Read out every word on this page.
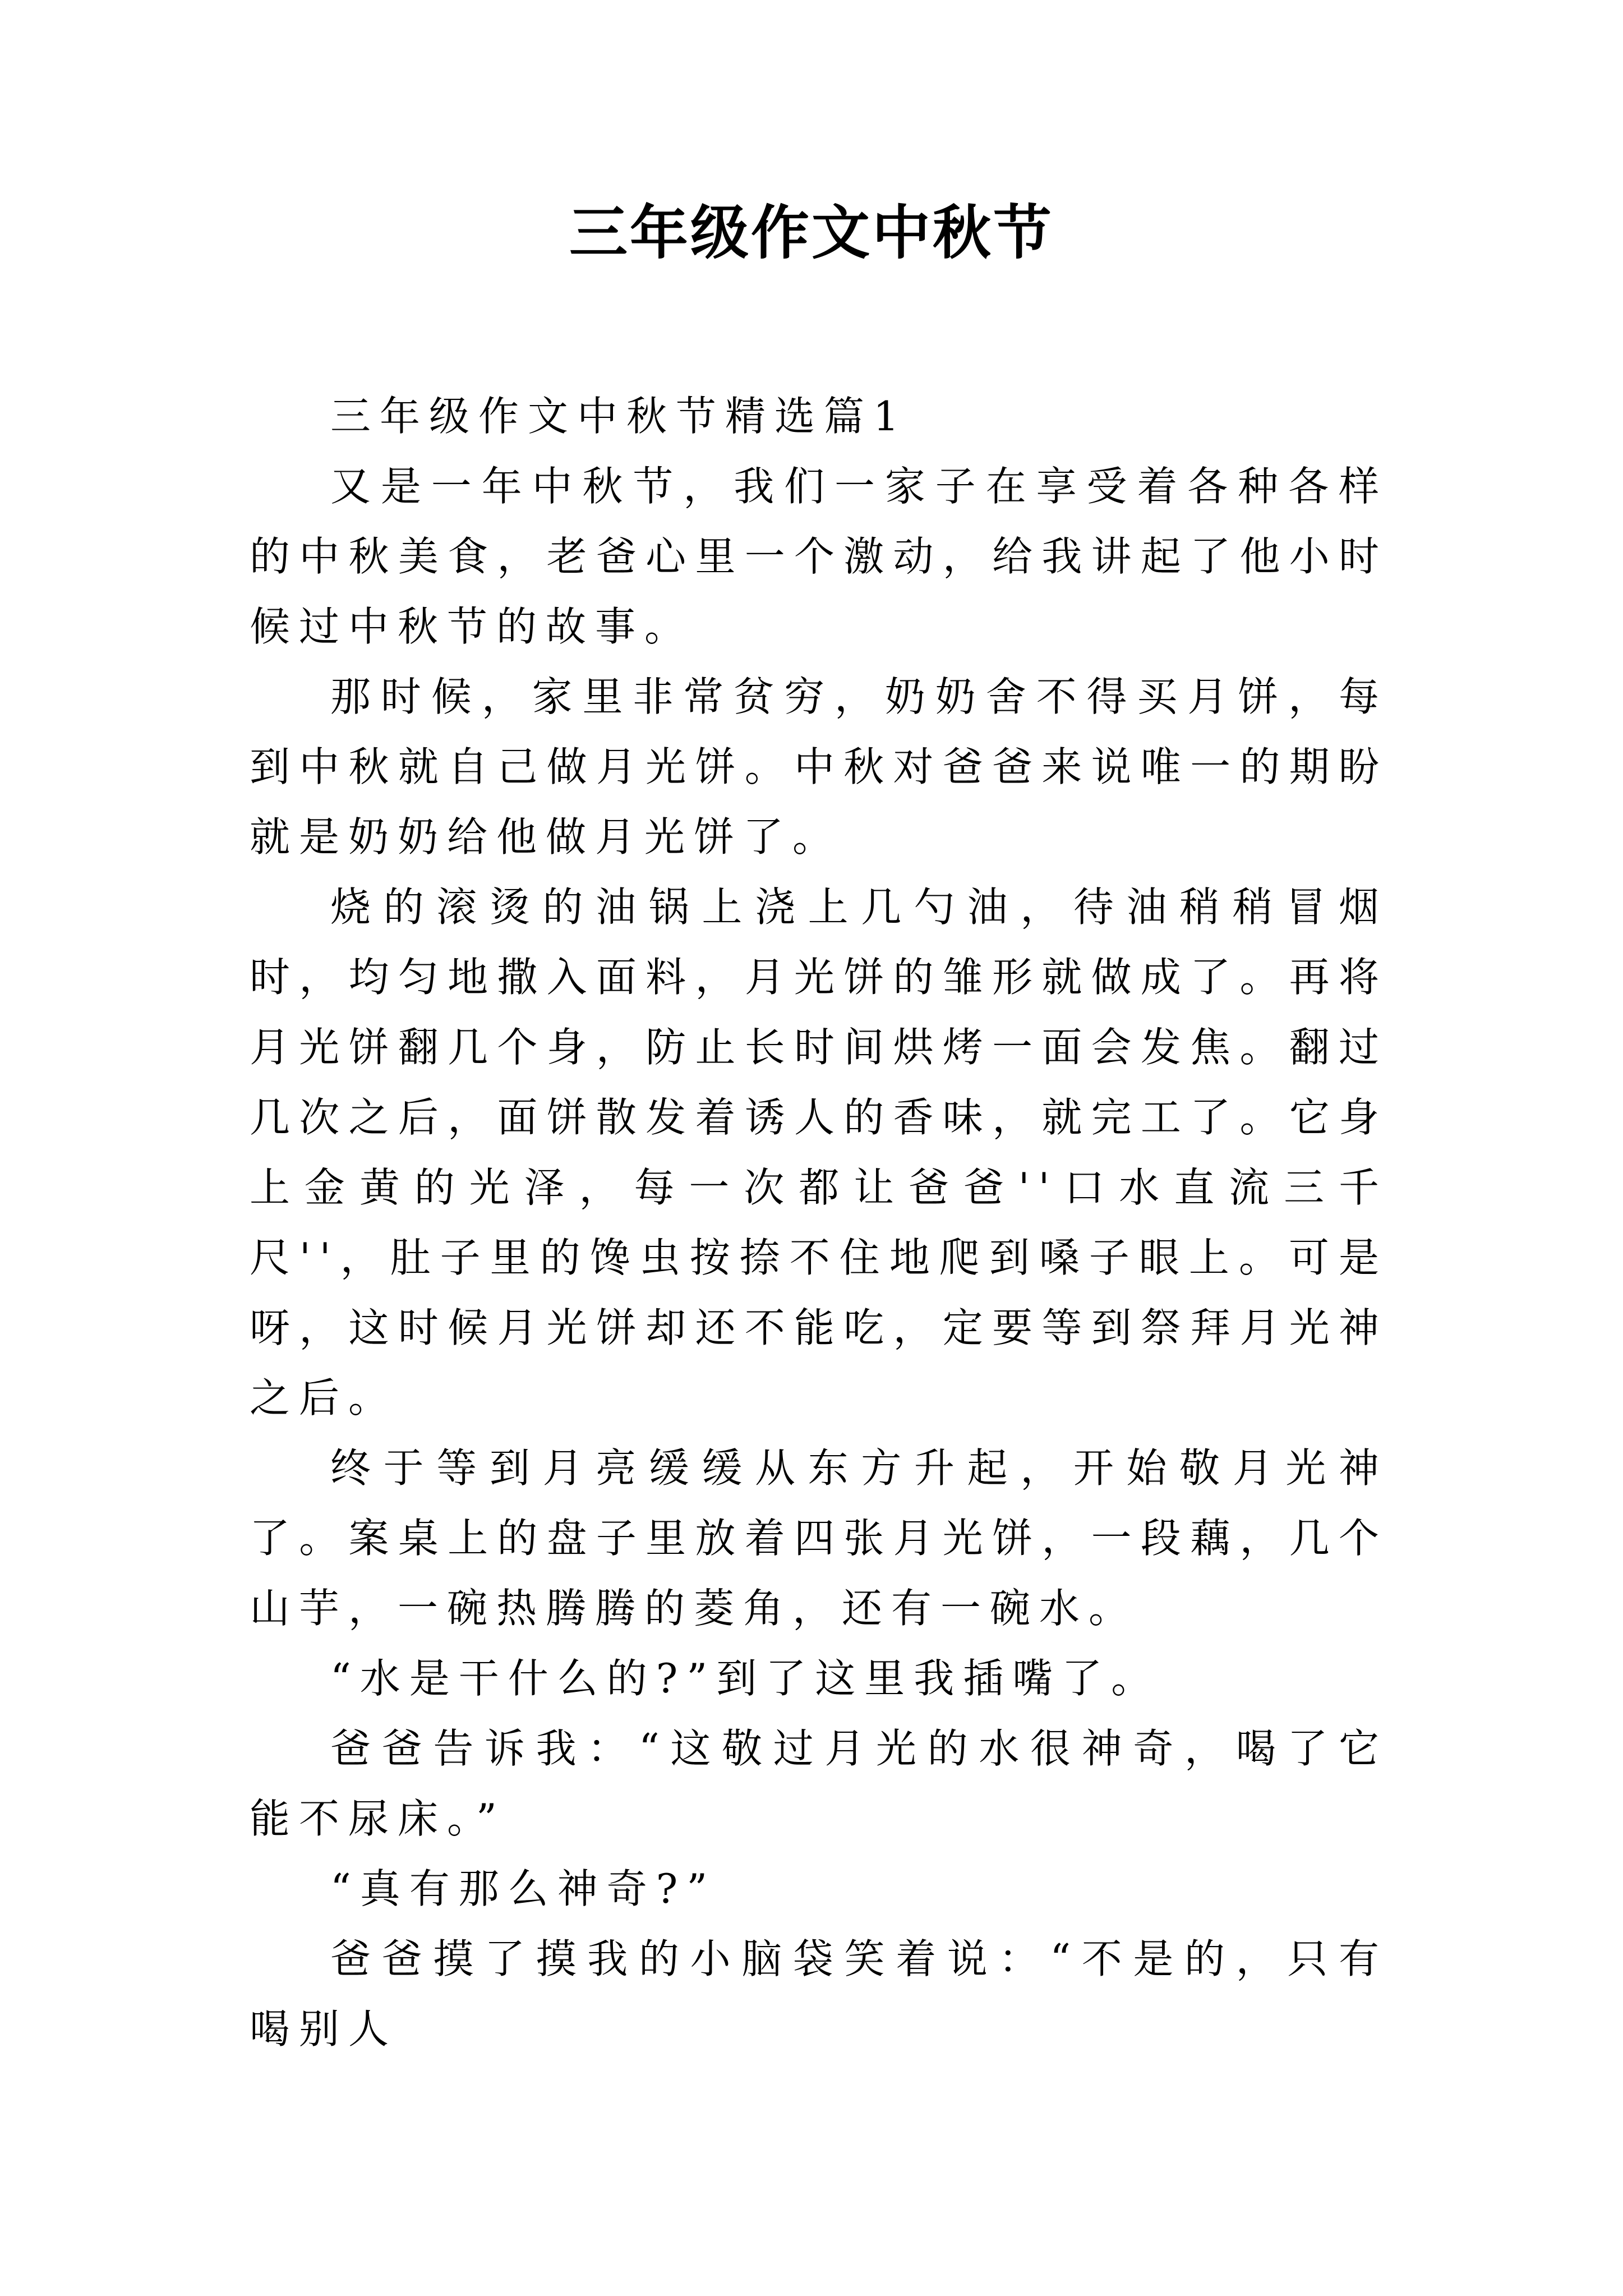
三年级作文中秋节

三年级作文中秋节精选篇1

又是一年中秋节，我们一家子在享受着各种各样的中秋美食，老爸心里一个激动，给我讲起了他小时候过中秋节的故事。

那时候，家里非常贫穷，奶奶舍不得买月饼，每到中秋就自己做月光饼。中秋对爸爸来说唯一的期盼就是奶奶给他做月光饼了。

烧的滚烫的油锅上浇上几勺油，待油稍稍冒烟时，均匀地撒入面料，月光饼的雏形就做成了。再将月光饼翻几个身，防止长时间烘烤一面会发焦。翻过几次之后，面饼散发着诱人的香味，就完工了。它身上金黄的光泽，每一次都让爸爸''口水直流三千尺''，肚子里的馋虫按捺不住地爬到嗓子眼上。可是呀，这时候月光饼却还不能吃，定要等到祭拜月光神之后。

终于等到月亮缓缓从东方升起，开始敬月光神了。案桌上的盘子里放着四张月光饼，一段藕，几个山芋，一碗热腾腾的菱角，还有一碗水。

“水是干什么的?”到了这里我插嘴了。

爸爸告诉我：“这敬过月光的水很神奇，喝了它能不尿床。”

“真有那么神奇?”

爸爸摸了摸我的小脑袋笑着说：“不是的，只有喝别人
